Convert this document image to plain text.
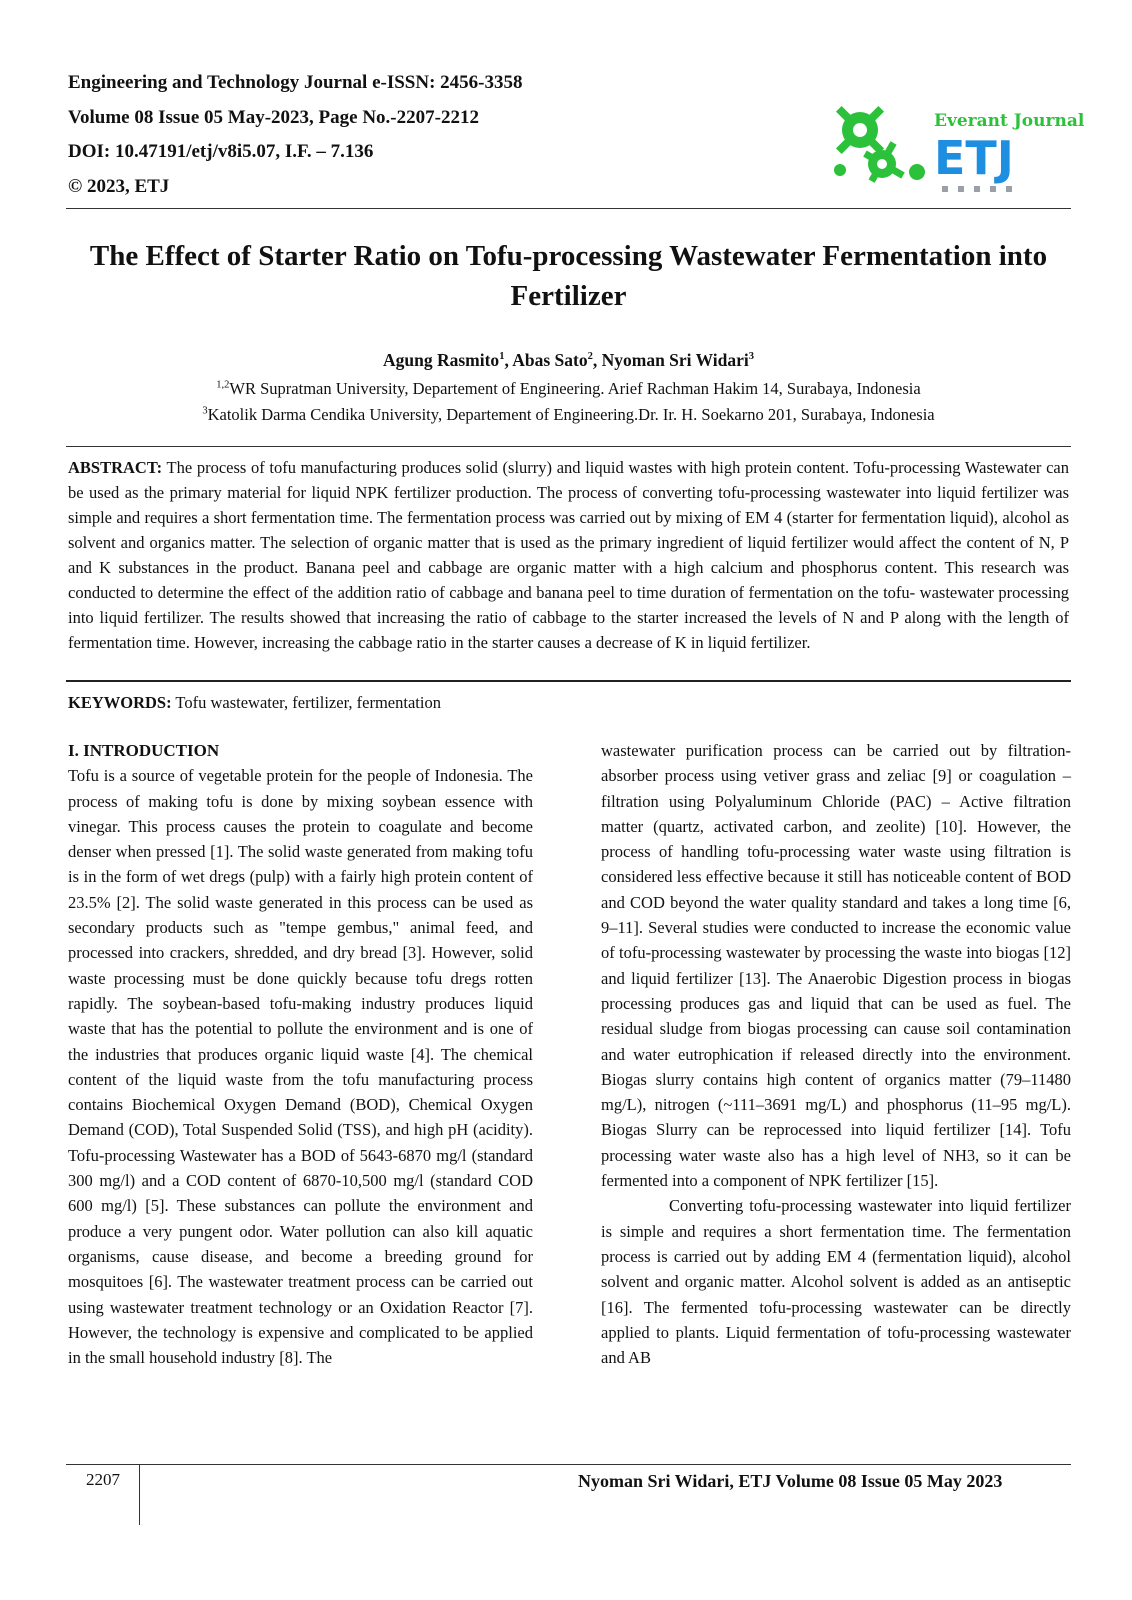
Engineering and Technology Journal e-ISSN: 2456-3358
Volume 08 Issue 05 May-2023, Page No.-2207-2212
DOI: 10.47191/etj/v8i5.07, I.F. – 7.136
© 2023, ETJ
Everant Journal
ETJ
The Effect of Starter Ratio on Tofu-processing Wastewater Fermentation into Fertilizer
Agung Rasmito$^1$, Abas Sato$^2$, Nyoman Sri Widari$^3$
$^{1,2}$WR Supratman University, Departement of Engineering. Arief Rachman Hakim 14, Surabaya, Indonesia
$^3$Katolik Darma Cendika University, Departement of Engineering.Dr. Ir. H. Soekarno 201, Surabaya, Indonesia
ABSTRACT: The process of tofu manufacturing produces solid (slurry) and liquid wastes with high protein content. Tofu-processing Wastewater can be used as the primary material for liquid NPK fertilizer production. The process of converting tofu-processing wastewater into liquid fertilizer was simple and requires a short fermentation time. The fermentation process was carried out by mixing of EM 4 (starter for fermentation liquid), alcohol as solvent and organics matter. The selection of organic matter that is used as the primary ingredient of liquid fertilizer would affect the content of N, P and K substances in the product. Banana peel and cabbage are organic matter with a high calcium and phosphorus content. This research was conducted to determine the effect of the addition ratio of cabbage and banana peel to time duration of fermentation on the tofu- wastewater processing into liquid fertilizer. The results showed that increasing the ratio of cabbage to the starter increased the levels of N and P along with the length of fermentation time. However, increasing the cabbage ratio in the starter causes a decrease of K in liquid fertilizer.
KEYWORDS: Tofu wastewater, fertilizer, fermentation
I. INTRODUCTION

Tofu is a source of vegetable protein for the people of Indonesia. The process of making tofu is done by mixing soybean essence with vinegar. This process causes the protein to coagulate and become denser when pressed [1]. The solid waste generated from making tofu is in the form of wet dregs (pulp) with a fairly high protein content of 23.5% [2]. The solid waste generated in this process can be used as secondary products such as "tempe gembus," animal feed, and processed into crackers, shredded, and dry bread [3]. However, solid waste processing must be done quickly because tofu dregs rotten rapidly. The soybean-based tofu-making industry produces liquid waste that has the potential to pollute the environment and is one of the industries that produces organic liquid waste [4]. The chemical content of the liquid waste from the tofu manufacturing process contains Biochemical Oxygen Demand (BOD), Chemical Oxygen Demand (COD), Total Suspended Solid (TSS), and high pH (acidity). Tofu-processing Wastewater has a BOD of 5643-6870 mg/l (standard 300 mg/l) and a COD content of 6870-10,500 mg/l (standard COD 600 mg/l) [5]. These substances can pollute the environment and produce a very pungent odor. Water pollution can also kill aquatic organisms, cause disease, and become a breeding ground for mosquitoes [6]. The wastewater treatment process can be carried out using wastewater treatment technology or an Oxidation Reactor [7]. However, the technology is expensive and complicated to be applied in the small household industry [8]. The

wastewater purification process can be carried out by filtration-absorber process using vetiver grass and zeliac [9] or coagulation – filtration using Polyaluminum Chloride (PAC) – Active filtration matter (quartz, activated carbon, and zeolite) [10]. However, the process of handling tofu-processing water waste using filtration is considered less effective because it still has noticeable content of BOD and COD beyond the water quality standard and takes a long time [6, 9–11]. Several studies were conducted to increase the economic value of tofu-processing wastewater by processing the waste into biogas [12] and liquid fertilizer [13]. The Anaerobic Digestion process in biogas processing produces gas and liquid that can be used as fuel. The residual sludge from biogas processing can cause soil contamination and water eutrophication if released directly into the environment. Biogas slurry contains high content of organics matter (79–11480 mg/L), nitrogen (~111–3691 mg/L) and phosphorus (11–95 mg/L). Biogas Slurry can be reprocessed into liquid fertilizer [14]. Tofu processing water waste also has a high level of NH3, so it can be fermented into a component of NPK fertilizer [15].

Converting tofu-processing wastewater into liquid fertilizer is simple and requires a short fermentation time. The fermentation process is carried out by adding EM 4 (fermentation liquid), alcohol solvent and organic matter. Alcohol solvent is added as an antiseptic [16]. The fermented tofu-processing wastewater can be directly applied to plants. Liquid fermentation of tofu-processing wastewater and AB

2207	Nyoman Sri Widari, ETJ Volume 08 Issue 05 May 2023
